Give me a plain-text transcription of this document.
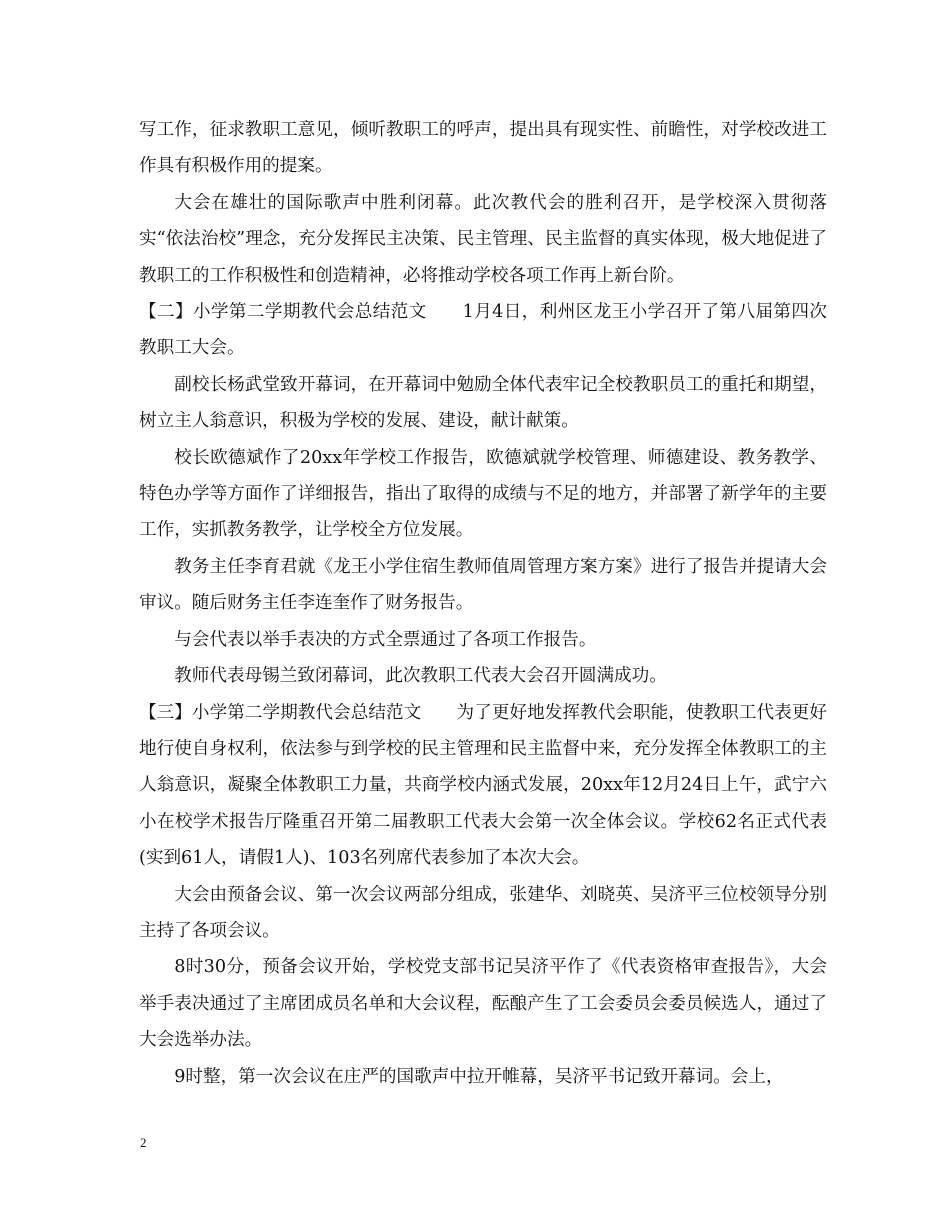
写工作，征求教职工意见，倾听教职工的呼声，提出具有现实性、前瞻性，对学校改进工作具有积极作用的提案。

大会在雄壮的国际歌声中胜利闭幕。此次教代会的胜利召开，是学校深入贯彻落实“依法治校”理念，充分发挥民主决策、民主管理、民主监督的真实体现，极大地促进了教职工的工作积极性和创造精神，必将推动学校各项工作再上新台阶。

【二】小学第二学期教代会总结范文　　1月4日，利州区龙王小学召开了第八届第四次教职工大会。

副校长杨武堂致开幕词，在开幕词中勉励全体代表牢记全校教职员工的重托和期望，树立主人翁意识，积极为学校的发展、建设，献计献策。

校长欧德斌作了20xx年学校工作报告，欧德斌就学校管理、师德建设、教务教学、特色办学等方面作了详细报告，指出了取得的成绩与不足的地方，并部署了新学年的主要工作，实抓教务教学，让学校全方位发展。

教务主任李育君就《龙王小学住宿生教师值周管理方案方案》进行了报告并提请大会审议。随后财务主任李连奎作了财务报告。

与会代表以举手表决的方式全票通过了各项工作报告。

教师代表母锡兰致闭幕词，此次教职工代表大会召开圆满成功。

【三】小学第二学期教代会总结范文　　为了更好地发挥教代会职能，使教职工代表更好地行使自身权利，依法参与到学校的民主管理和民主监督中来，充分发挥全体教职工的主人翁意识，凝聚全体教职工力量，共商学校内涵式发展，20xx年12月24日上午，武宁六小在校学术报告厅隆重召开第二届教职工代表大会第一次全体会议。学校62名正式代表(实到61人，请假1人)、103名列席代表参加了本次大会。

大会由预备会议、第一次会议两部分组成，张建华、刘晓英、吴济平三位校领导分别主持了各项会议。

8时30分，预备会议开始，学校党支部书记吴济平作了《代表资格审查报告》，大会举手表决通过了主席团成员名单和大会议程，酝酿产生了工会委员会委员候选人，通过了大会选举办法。

9时整，第一次会议在庄严的国歌声中拉开帷幕，吴济平书记致开幕词。会上，

2
